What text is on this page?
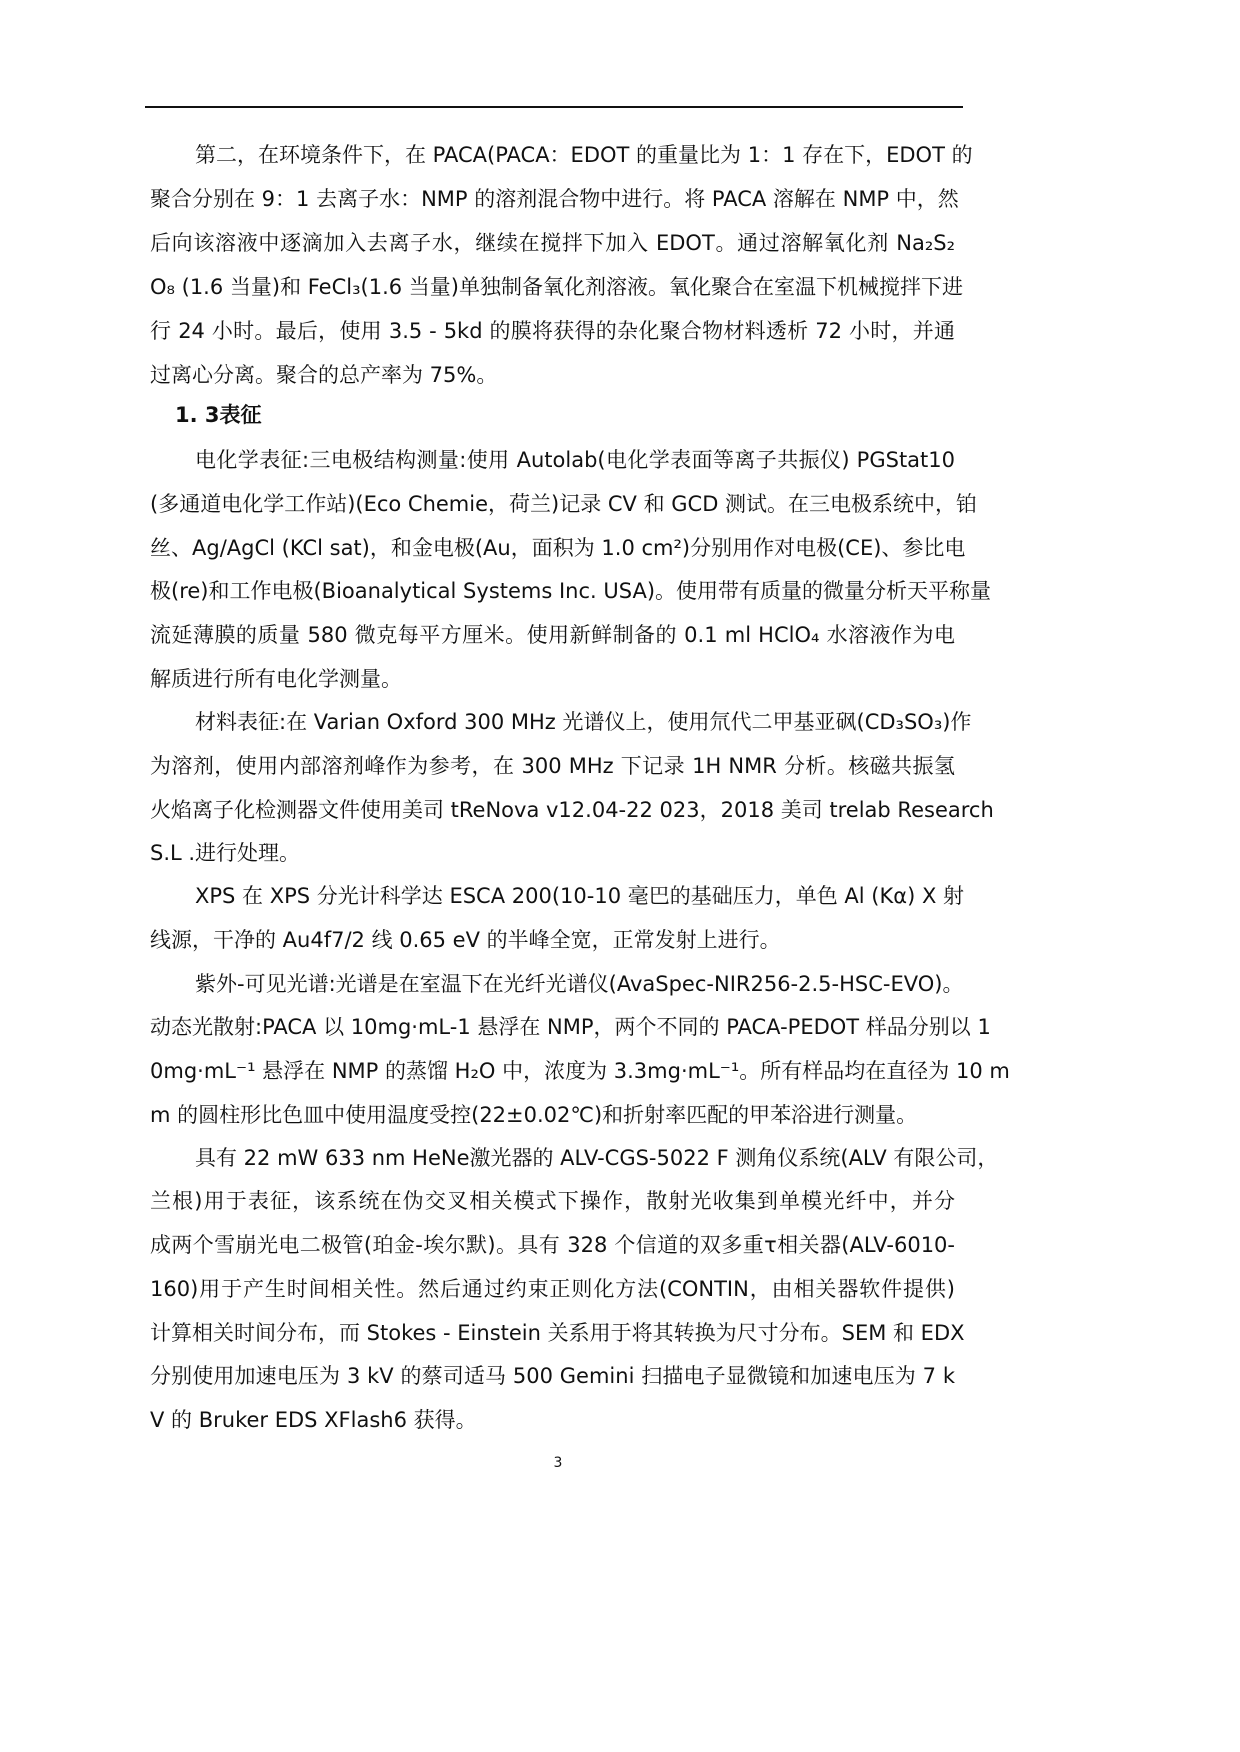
第二，在环境条件下，在 PACA(PACA：EDOT 的重量比为 1：1 存在下，EDOT 的
聚合分别在 9：1 去离子水：NMP 的溶剂混合物中进行。将 PACA 溶解在 NMP 中，然
后向该溶液中逐滴加入去离子水，继续在搅拌下加入 EDOT。通过溶解氧化剂 Na₂S₂
O₈ (1.6 当量)和 FeCl₃(1.6 当量)单独制备氧化剂溶液。氧化聚合在室温下机械搅拌下进
行 24 小时。最后，使用 3.5 - 5kd 的膜将获得的杂化聚合物材料透析 72 小时，并通
过离心分离。聚合的总产率为 75%。
1. 3表征
电化学表征:三电极结构测量:使用 Autolab(电化学表面等离子共振仪) PGStat10
(多通道电化学工作站)(Eco Chemie，荷兰)记录 CV 和 GCD 测试。在三电极系统中，铂
丝、Ag/AgCl (KCl sat)，和金电极(Au，面积为 1.0 cm²)分别用作对电极(CE)、参比电
极(re)和工作电极(Bioanalytical Systems Inc. USA)。使用带有质量的微量分析天平称量
流延薄膜的质量 580 微克每平方厘米。使用新鲜制备的 0.1 ml HClO₄ 水溶液作为电
解质进行所有电化学测量。
材料表征:在 Varian Oxford 300 MHz 光谱仪上，使用氘代二甲基亚砜(CD₃SO₃)作
为溶剂，使用内部溶剂峰作为参考，在 300 MHz 下记录 1H NMR 分析。核磁共振氢
火焰离子化检测器文件使用美司 tReNova v12.04-22 023，2018 美司 trelab Research
S.L .进行处理。
XPS 在 XPS 分光计科学达 ESCA 200(10-10 毫巴的基础压力，单色 Al (Kα) X 射
线源，干净的 Au4f7/2 线 0.65 eV 的半峰全宽，正常发射上进行。
紫外-可见光谱:光谱是在室温下在光纤光谱仪(AvaSpec-NIR256-2.5-HSC-EVO)。
动态光散射:PACA 以 10mg·mL-1 悬浮在 NMP，两个不同的 PACA-PEDOT 样品分别以 1
0mg·mL⁻¹ 悬浮在 NMP 的蒸馏 H₂O 中，浓度为 3.3mg·mL⁻¹。所有样品均在直径为 10 m
m 的圆柱形比色皿中使用温度受控(22±0.02℃)和折射率匹配的甲苯浴进行测量。
具有 22 mW 633 nm HeNe激光器的 ALV-CGS-5022 F 测角仪系统(ALV 有限公司，
兰根)用于表征，该系统在伪交叉相关模式下操作，散射光收集到单模光纤中，并分
成两个雪崩光电二极管(珀金-埃尔默)。具有 328 个信道的双多重τ相关器(ALV-6010-
160)用于产生时间相关性。然后通过约束正则化方法(CONTIN，由相关器软件提供)
计算相关时间分布，而 Stokes - Einstein 关系用于将其转换为尺寸分布。SEM 和 EDX
分别使用加速电压为 3 kV 的蔡司适马 500 Gemini 扫描电子显微镜和加速电压为 7 k
V 的 Bruker EDS XFlash6 获得。
3
